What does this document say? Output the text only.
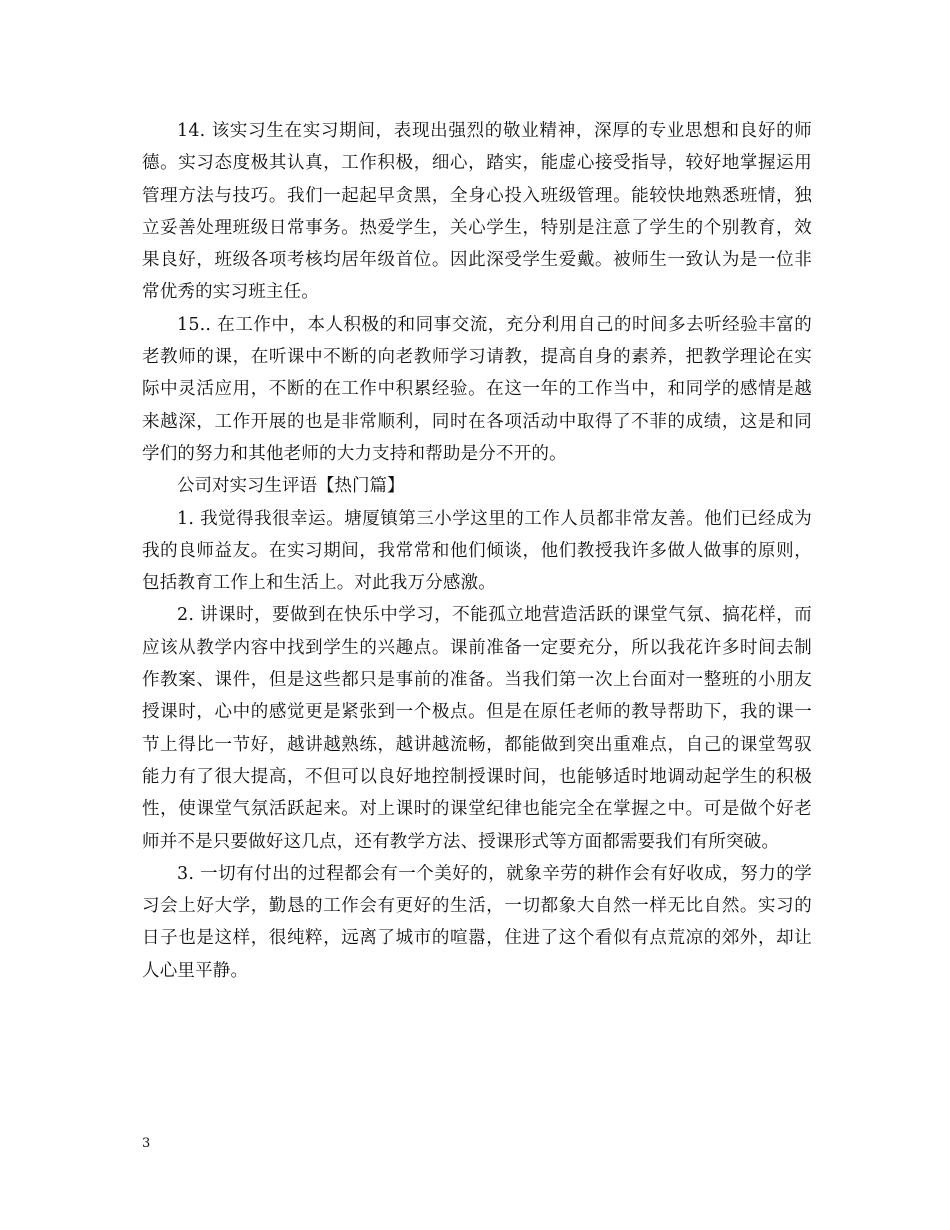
14. 该实习生在实习期间，表现出强烈的敬业精神，深厚的专业思想和良好的师德。实习态度极其认真，工作积极，细心，踏实，能虚心接受指导，较好地掌握运用管理方法与技巧。我们一起起早贪黑，全身心投入班级管理。能较快地熟悉班情，独立妥善处理班级日常事务。热爱学生，关心学生，特别是注意了学生的个别教育，效果良好，班级各项考核均居年级首位。因此深受学生爱戴。被师生一致认为是一位非常优秀的实习班主任。

15.. 在工作中，本人积极的和同事交流，充分利用自己的时间多去听经验丰富的老教师的课，在听课中不断的向老教师学习请教，提高自身的素养，把教学理论在实际中灵活应用，不断的在工作中积累经验。在这一年的工作当中，和同学的感情是越来越深，工作开展的也是非常顺利，同时在各项活动中取得了不菲的成绩，这是和同学们的努力和其他老师的大力支持和帮助是分不开的。

公司对实习生评语【热门篇】

1. 我觉得我很幸运。塘厦镇第三小学这里的工作人员都非常友善。他们已经成为我的良师益友。在实习期间，我常常和他们倾谈，他们教授我许多做人做事的原则，包括教育工作上和生活上。对此我万分感激。

2. 讲课时，要做到在快乐中学习，不能孤立地营造活跃的课堂气氛、搞花样，而应该从教学内容中找到学生的兴趣点。课前准备一定要充分，所以我花许多时间去制作教案、课件，但是这些都只是事前的准备。当我们第一次上台面对一整班的小朋友授课时，心中的感觉更是紧张到一个极点。但是在原任老师的教导帮助下，我的课一节上得比一节好，越讲越熟练，越讲越流畅，都能做到突出重难点，自己的课堂驾驭能力有了很大提高，不但可以良好地控制授课时间，也能够适时地调动起学生的积极性，使课堂气氛活跃起来。对上课时的课堂纪律也能完全在掌握之中。可是做个好老师并不是只要做好这几点，还有教学方法、授课形式等方面都需要我们有所突破。

3. 一切有付出的过程都会有一个美好的，就象辛劳的耕作会有好收成，努力的学习会上好大学，勤恳的工作会有更好的生活，一切都象大自然一样无比自然。实习的日子也是这样，很纯粹，远离了城市的喧嚣，住进了这个看似有点荒凉的郊外，却让人心里平静。

3
